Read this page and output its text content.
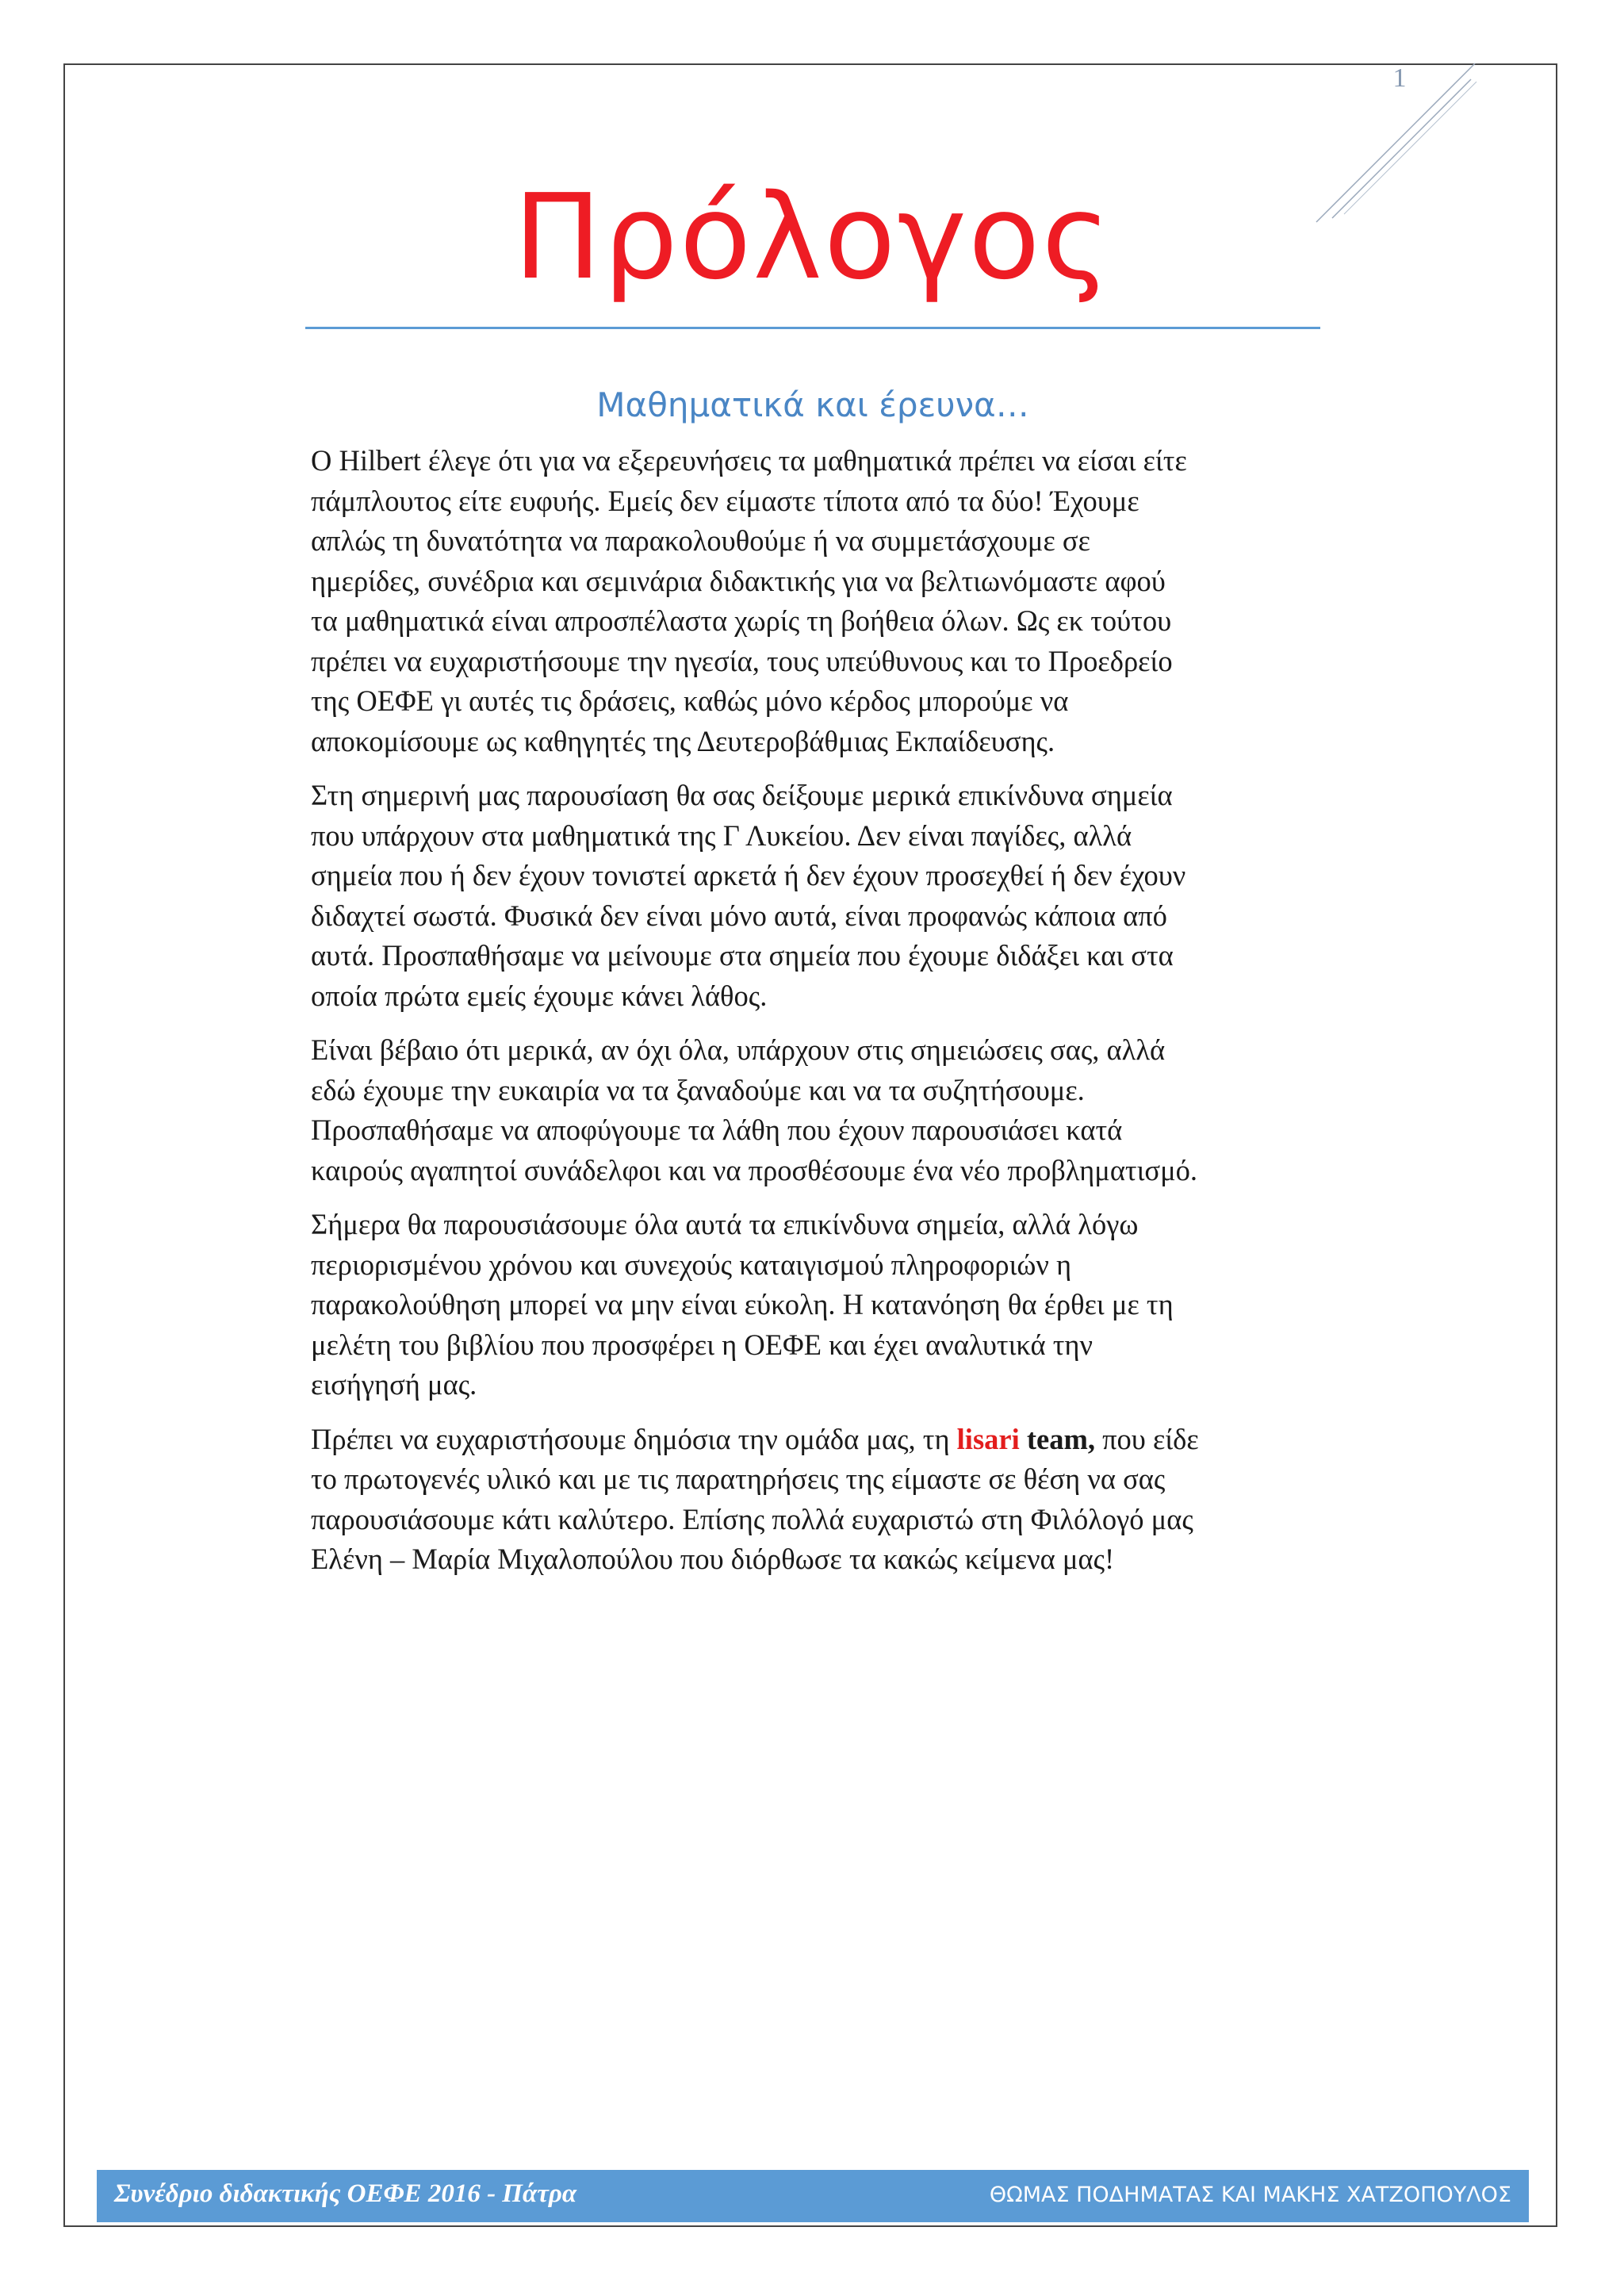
1
Πρόλογος
Μαθηματικά και έρευνα…

Ο Hilbert έλεγε ότι για να εξερευνήσεις τα μαθηματικά πρέπει να είσαι είτε
πάμπλουτος είτε ευφυής. Εμείς δεν είμαστε τίποτα από τα δύο! Έχουμε
απλώς τη δυνατότητα να παρακολουθούμε ή να συμμετάσχουμε σε
ημερίδες, συνέδρια και σεμινάρια διδακτικής για να βελτιωνόμαστε αφού
τα μαθηματικά είναι απροσπέλαστα χωρίς τη βοήθεια όλων. Ως εκ τούτου
πρέπει να ευχαριστήσουμε την ηγεσία, τους υπεύθυνους και το Προεδρείο
της ΟΕΦΕ γι αυτές τις δράσεις, καθώς μόνο κέρδος μπορούμε να
αποκομίσουμε ως καθηγητές της Δευτεροβάθμιας Εκπαίδευσης.

Στη σημερινή μας παρουσίαση θα σας δείξουμε μερικά επικίνδυνα σημεία
που υπάρχουν στα μαθηματικά της Γ Λυκείου. Δεν είναι παγίδες, αλλά
σημεία που ή δεν έχουν τονιστεί αρκετά ή δεν έχουν προσεχθεί ή δεν έχουν
διδαχτεί σωστά. Φυσικά δεν είναι μόνο αυτά, είναι προφανώς κάποια από
αυτά. Προσπαθήσαμε να μείνουμε στα σημεία που έχουμε διδάξει και στα
οποία πρώτα εμείς έχουμε κάνει λάθος.

Είναι βέβαιο ότι μερικά, αν όχι όλα, υπάρχουν στις σημειώσεις σας, αλλά
εδώ έχουμε την ευκαιρία να τα ξαναδούμε και να τα συζητήσουμε.
Προσπαθήσαμε να αποφύγουμε τα λάθη που έχουν παρουσιάσει κατά
καιρούς αγαπητοί συνάδελφοι και να προσθέσουμε ένα νέο προβληματισμό.

Σήμερα θα παρουσιάσουμε όλα αυτά τα επικίνδυνα σημεία, αλλά λόγω
περιορισμένου χρόνου και συνεχούς καταιγισμού πληροφοριών η
παρακολούθηση μπορεί να μην είναι εύκολη. Η κατανόηση θα έρθει με τη
μελέτη του βιβλίου που προσφέρει η ΟΕΦΕ και έχει αναλυτικά την
εισήγησή μας.

Πρέπει να ευχαριστήσουμε δημόσια την ομάδα μας, τη lisari team, που είδε
το πρωτογενές υλικό και με τις παρατηρήσεις της είμαστε σε θέση να σας
παρουσιάσουμε κάτι καλύτερο. Επίσης πολλά ευχαριστώ στη Φιλόλογό μας
Ελένη – Μαρία Μιχαλοπούλου που διόρθωσε τα κακώς κείμενα μας!

Συνέδριο διδακτικής ΟΕΦΕ 2016 - Πάτρα	ΘΩΜΑΣ ΠΟΔΗΜΑΤΑΣ ΚΑΙ ΜΑΚΗΣ ΧΑΤΖΟΠΟΥΛΟΣ
